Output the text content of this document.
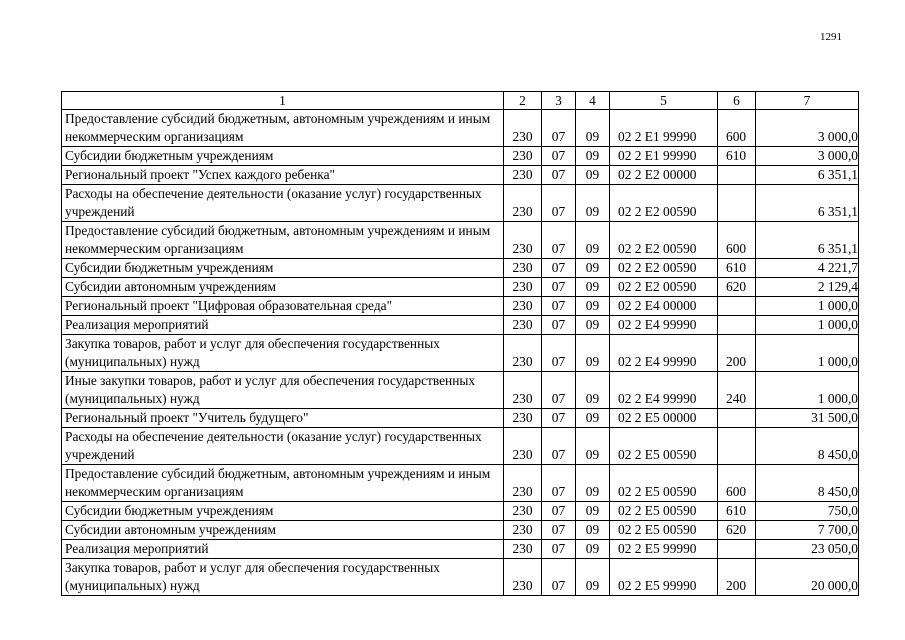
1291
1	2	3	4	5	6	7
Предоставление субсидий бюджетным, автономным учреждениям и иным некоммерческим организациям	230	07	09	02 2 E1 99990	600	3 000,0
Субсидии бюджетным учреждениям	230	07	09	02 2 E1 99990	610	3 000,0
Региональный проект "Успех каждого ребенка"	230	07	09	02 2 E2 00000		6 351,1
Расходы на обеспечение деятельности (оказание услуг) государственных учреждений	230	07	09	02 2 E2 00590		6 351,1
Предоставление субсидий бюджетным, автономным учреждениям и иным некоммерческим организациям	230	07	09	02 2 E2 00590	600	6 351,1
Субсидии бюджетным учреждениям	230	07	09	02 2 E2 00590	610	4 221,7
Субсидии автономным учреждениям	230	07	09	02 2 E2 00590	620	2 129,4
Региональный проект "Цифровая образовательная среда"	230	07	09	02 2 E4 00000		1 000,0
Реализация мероприятий	230	07	09	02 2 E4 99990		1 000,0
Закупка товаров, работ и услуг для обеспечения государственных (муниципальных) нужд	230	07	09	02 2 E4 99990	200	1 000,0
Иные закупки товаров, работ и услуг для обеспечения государственных (муниципальных) нужд	230	07	09	02 2 E4 99990	240	1 000,0
Региональный проект "Учитель будущего"	230	07	09	02 2 E5 00000		31 500,0
Расходы на обеспечение деятельности (оказание услуг) государственных учреждений	230	07	09	02 2 E5 00590		8 450,0
Предоставление субсидий бюджетным, автономным учреждениям и иным некоммерческим организациям	230	07	09	02 2 E5 00590	600	8 450,0
Субсидии бюджетным учреждениям	230	07	09	02 2 E5 00590	610	750,0
Субсидии автономным учреждениям	230	07	09	02 2 E5 00590	620	7 700,0
Реализация мероприятий	230	07	09	02 2 E5 99990		23 050,0
Закупка товаров, работ и услуг для обеспечения государственных (муниципальных) нужд	230	07	09	02 2 E5 99990	200	20 000,0
